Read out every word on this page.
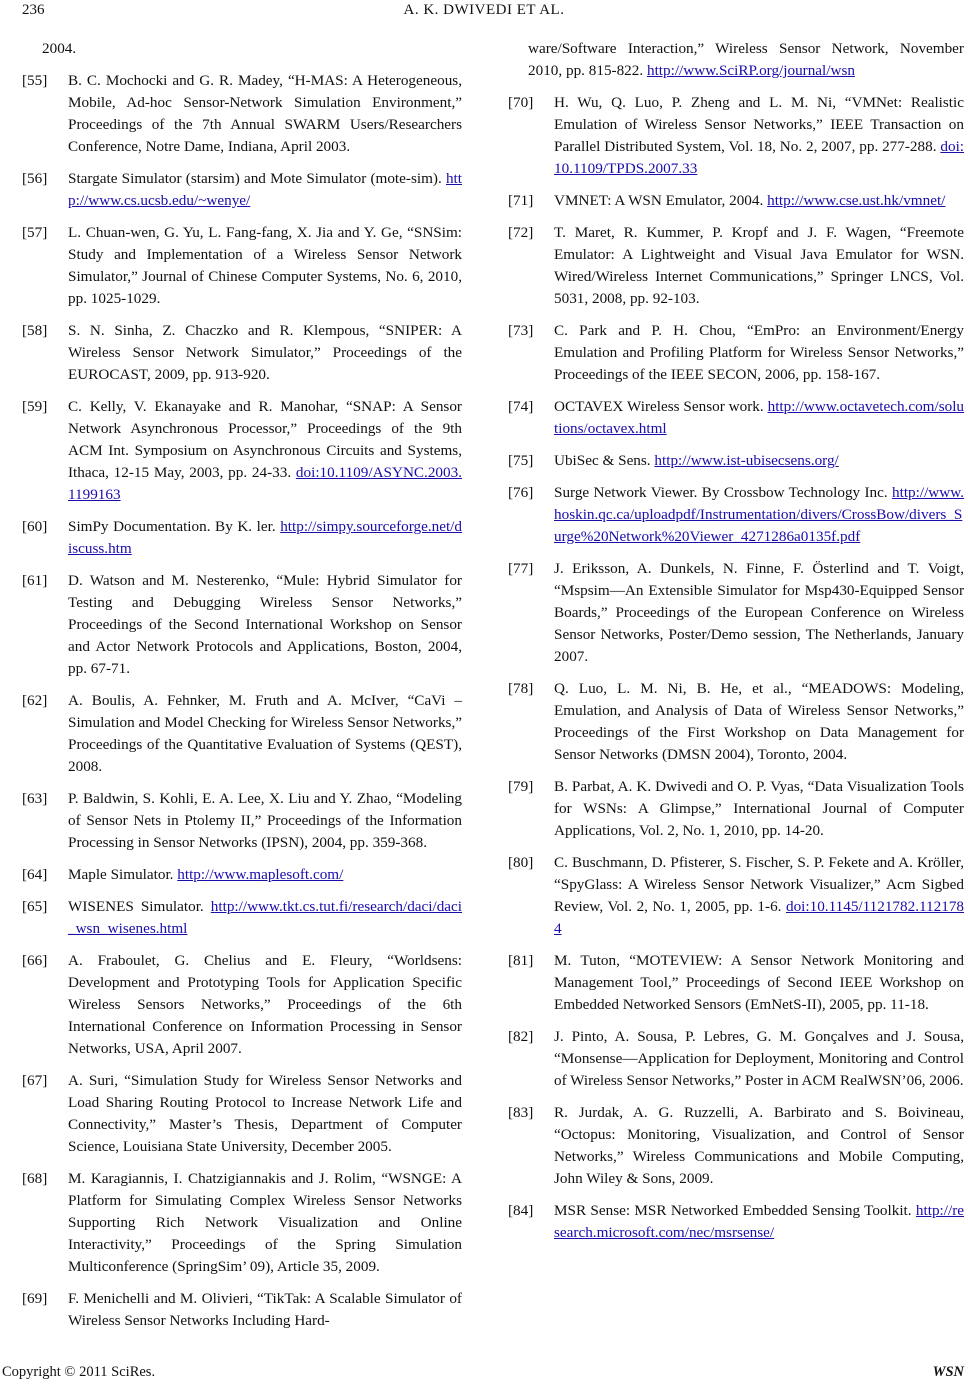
236	A. K. DWIVEDI ET AL.
2004.
[55] B. C. Mochocki and G. R. Madey, “H-MAS: A Heterogeneous, Mobile, Ad-hoc Sensor-Network Simulation Environment,” Proceedings of the 7th Annual SWARM Users/Researchers Conference, Notre Dame, Indiana, April 2003.
[56] Stargate Simulator (starsim) and Mote Simulator (mote-sim). http://www.cs.ucsb.edu/~wenye/
[57] L. Chuan-wen, G. Yu, L. Fang-fang, X. Jia and Y. Ge, “SNSim: Study and Implementation of a Wireless Sensor Network Simulator,” Journal of Chinese Computer Systems, No. 6, 2010, pp. 1025-1029.
[58] S. N. Sinha, Z. Chaczko and R. Klempous, “SNIPER: A Wireless Sensor Network Simulator,” Proceedings of the EUROCAST, 2009, pp. 913-920.
[59] C. Kelly, V. Ekanayake and R. Manohar, “SNAP: A Sensor Network Asynchronous Processor,” Proceedings of the 9th ACM Int. Symposium on Asynchronous Circuits and Systems, Ithaca, 12-15 May, 2003, pp. 24-33. doi:10.1109/ASYNC.2003.1199163
[60] SimPy Documentation. By K. ler. http://simpy.sourceforge.net/discuss.htm
[61] D. Watson and M. Nesterenko, “Mule: Hybrid Simulator for Testing and Debugging Wireless Sensor Networks,” Proceedings of the Second International Workshop on Sensor and Actor Network Protocols and Applications, Boston, 2004, pp. 67-71.
[62] A. Boulis, A. Fehnker, M. Fruth and A. McIver, “CaVi – Simulation and Model Checking for Wireless Sensor Networks,” Proceedings of the Quantitative Evaluation of Systems (QEST), 2008.
[63] P. Baldwin, S. Kohli, E. A. Lee, X. Liu and Y. Zhao, “Modeling of Sensor Nets in Ptolemy II,” Proceedings of the Information Processing in Sensor Networks (IPSN), 2004, pp. 359-368.
[64] Maple Simulator. http://www.maplesoft.com/
[65] WISENES Simulator. http://www.tkt.cs.tut.fi/research/daci/daci_wsn_wisenes.html
[66] A. Fraboulet, G. Chelius and E. Fleury, “Worldsens: Development and Prototyping Tools for Application Specific Wireless Sensors Networks,” Proceedings of the 6th International Conference on Information Processing in Sensor Networks, USA, April 2007.
[67] A. Suri, “Simulation Study for Wireless Sensor Networks and Load Sharing Routing Protocol to Increase Network Life and Connectivity,” Master’s Thesis, Department of Computer Science, Louisiana State University, December 2005.
[68] M. Karagiannis, I. Chatzigiannakis and J. Rolim, “WSNGE: A Platform for Simulating Complex Wireless Sensor Networks Supporting Rich Network Visualization and Online Interactivity,” Proceedings of the Spring Simulation Multiconference (SpringSim’ 09), Article 35, 2009.
[69] F. Menichelli and M. Olivieri, “TikTak: A Scalable Simulator of Wireless Sensor Networks Including Hard-
ware/Software Interaction,” Wireless Sensor Network, November 2010, pp. 815-822. http://www.SciRP.org/journal/wsn
[70] H. Wu, Q. Luo, P. Zheng and L. M. Ni, “VMNet: Realistic Emulation of Wireless Sensor Networks,” IEEE Transaction on Parallel Distributed System, Vol. 18, No. 2, 2007, pp. 277-288. doi:10.1109/TPDS.2007.33
[71] VMNET: A WSN Emulator, 2004. http://www.cse.ust.hk/vmnet/
[72] T. Maret, R. Kummer, P. Kropf and J. F. Wagen, “Freemote Emulator: A Lightweight and Visual Java Emulator for WSN. Wired/Wireless Internet Communications,” Springer LNCS, Vol. 5031, 2008, pp. 92-103.
[73] C. Park and P. H. Chou, “EmPro: an Environment/Energy Emulation and Profiling Platform for Wireless Sensor Networks,” Proceedings of the IEEE SECON, 2006, pp. 158-167.
[74] OCTAVEX Wireless Sensor work. http://www.octavetech.com/solutions/octavex.html
[75] UbiSec & Sens. http://www.ist-ubisecsens.org/
[76] Surge Network Viewer. By Crossbow Technology Inc. http://www.hoskin.qc.ca/uploadpdf/Instrumentation/divers/CrossBow/divers_Surge%20Network%20Viewer_4271286a0135f.pdf
[77] J. Eriksson, A. Dunkels, N. Finne, F. Österlind and T. Voigt, “Mspsim―An Extensible Simulator for Msp430-Equipped Sensor Boards,” Proceedings of the European Conference on Wireless Sensor Networks, Poster/Demo session, The Netherlands, January 2007.
[78] Q. Luo, L. M. Ni, B. He, et al., “MEADOWS: Modeling, Emulation, and Analysis of Data of Wireless Sensor Networks,” Proceedings of the First Workshop on Data Management for Sensor Networks (DMSN 2004), Toronto, 2004.
[79] B. Parbat, A. K. Dwivedi and O. P. Vyas, “Data Visualization Tools for WSNs: A Glimpse,” International Journal of Computer Applications, Vol. 2, No. 1, 2010, pp. 14-20.
[80] C. Buschmann, D. Pfisterer, S. Fischer, S. P. Fekete and A. Kröller, “SpyGlass: A Wireless Sensor Network Visualizer,” Acm Sigbed Review, Vol. 2, No. 1, 2005, pp. 1-6. doi:10.1145/1121782.1121784
[81] M. Tuton, “MOTEVIEW: A Sensor Network Monitoring and Management Tool,” Proceedings of Second IEEE Workshop on Embedded Networked Sensors (EmNetS-II), 2005, pp. 11-18.
[82] J. Pinto, A. Sousa, P. Lebres, G. M. Gonçalves and J. Sousa, “Monsense―Application for Deployment, Monitoring and Control of Wireless Sensor Networks,” Poster in ACM RealWSN’06, 2006.
[83] R. Jurdak, A. G. Ruzzelli, A. Barbirato and S. Boivineau, “Octopus: Monitoring, Visualization, and Control of Sensor Networks,” Wireless Communications and Mobile Computing, John Wiley & Sons, 2009.
[84] MSR Sense: MSR Networked Embedded Sensing Toolkit. http://research.microsoft.com/nec/msrsense/
Copyright © 2011 SciRes.	WSN
